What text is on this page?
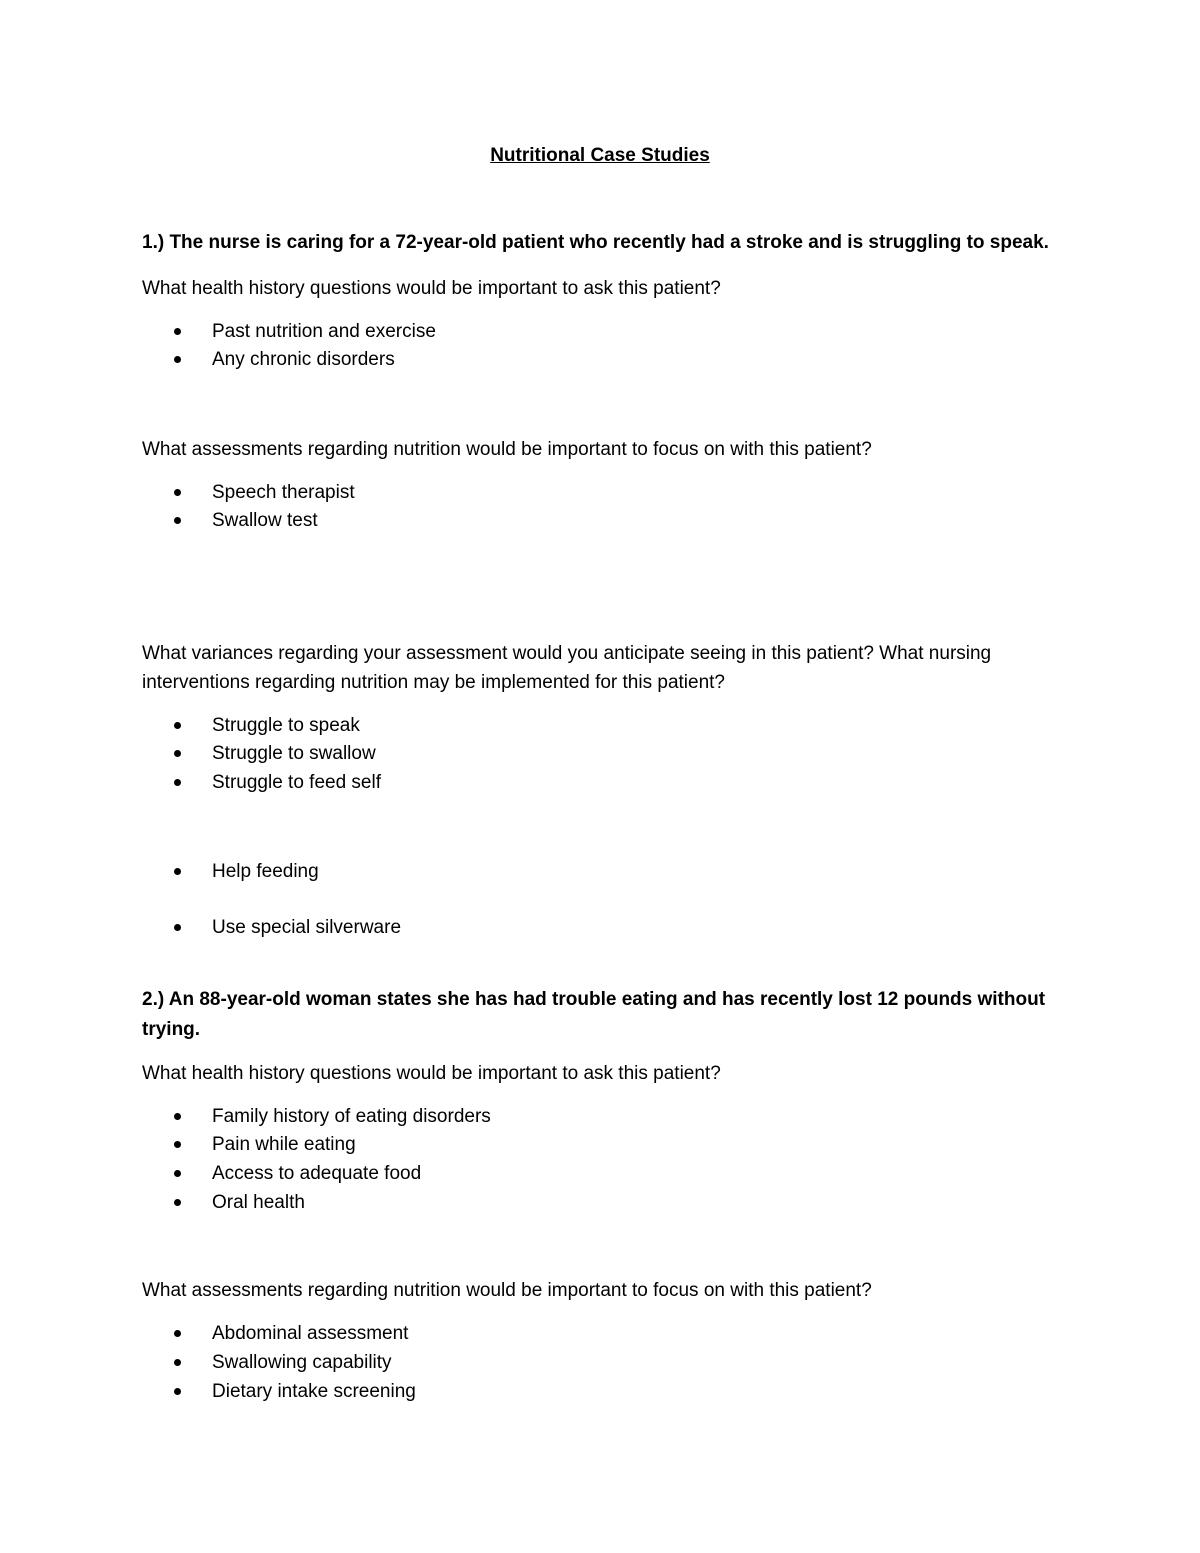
Nutritional Case Studies
1.) The nurse is caring for a 72-year-old patient who recently had a stroke and is struggling to speak.
What health history questions would be important to ask this patient?
Past nutrition and exercise
Any chronic disorders
What assessments regarding nutrition would be important to focus on with this patient?
Speech therapist
Swallow test
What variances regarding your assessment would you anticipate seeing in this patient? What nursing
interventions regarding nutrition may be implemented for this patient?
Struggle to speak
Struggle to swallow
Struggle to feed self
Help feeding
Use special silverware
2.) An 88-year-old woman states she has had trouble eating and has recently lost 12 pounds without
trying.
What health history questions would be important to ask this patient?
Family history of eating disorders
Pain while eating
Access to adequate food
Oral health
What assessments regarding nutrition would be important to focus on with this patient?
Abdominal assessment
Swallowing capability
Dietary intake screening
